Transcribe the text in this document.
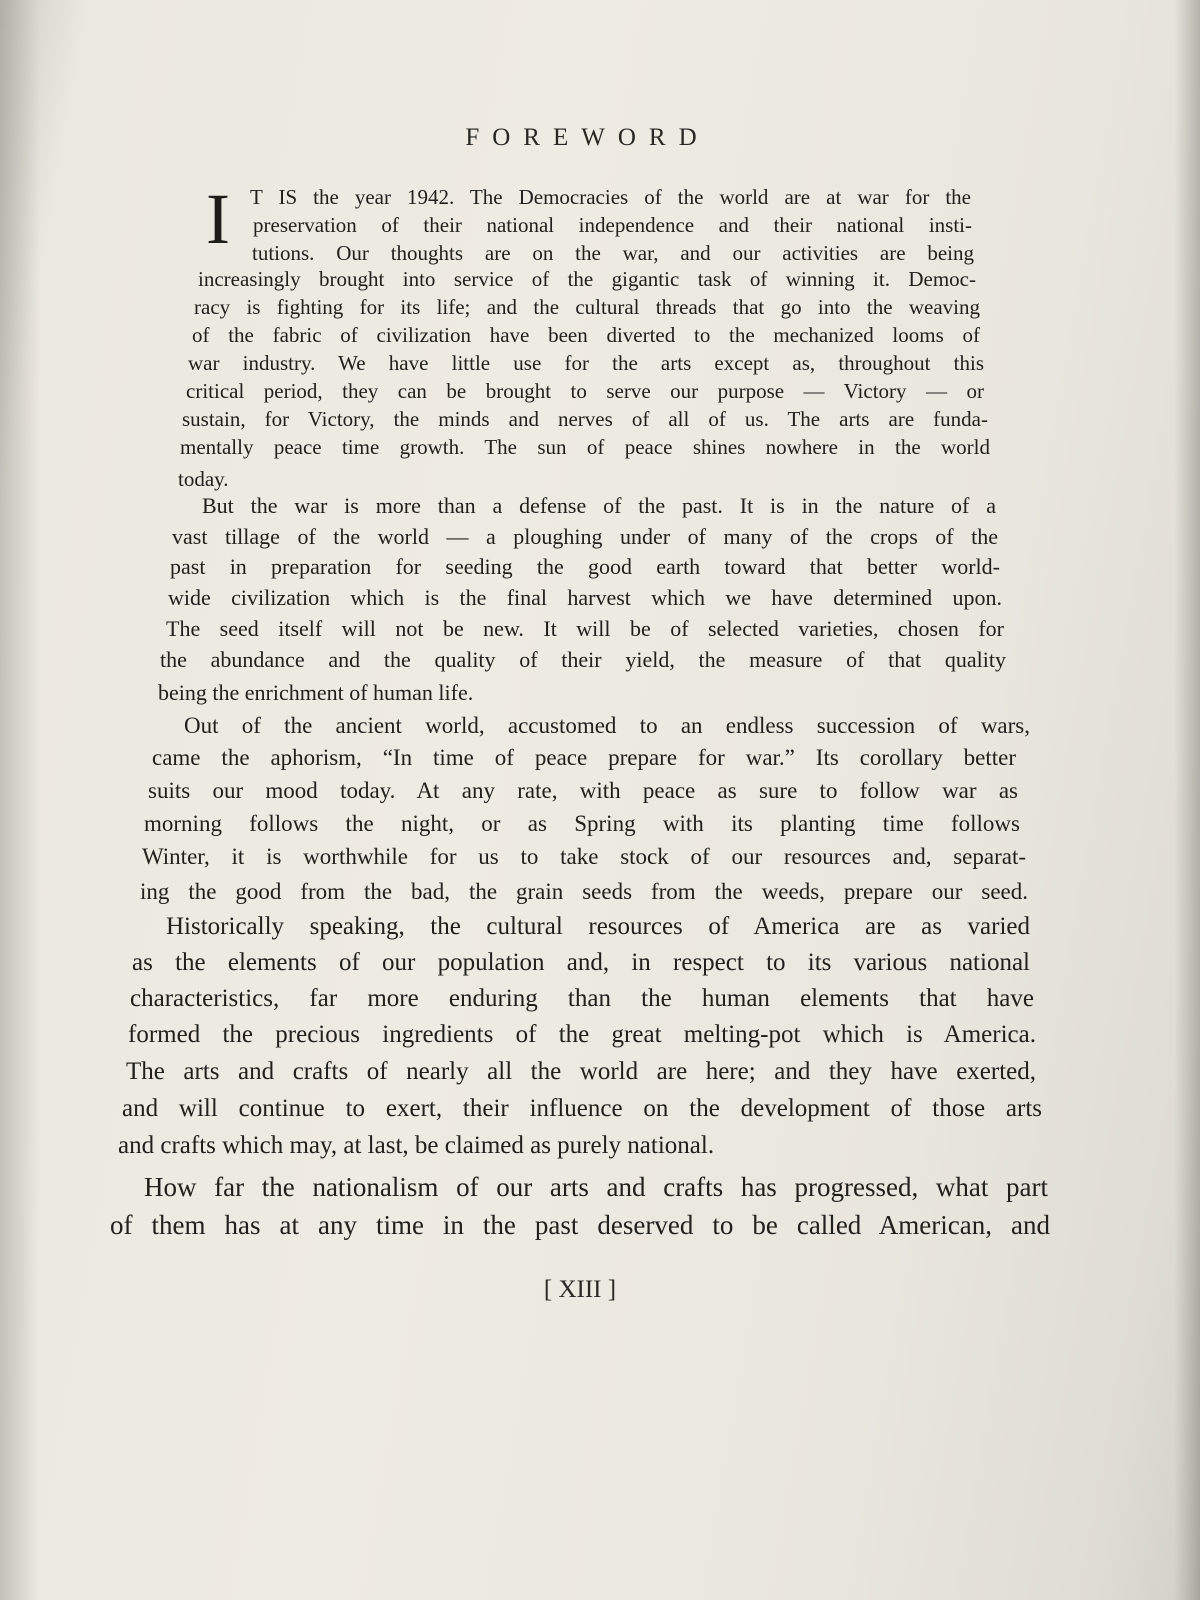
FOREWORD
I T IS the year 1942. The Democracies of the world are at war for the
preservation of their national independence and their national insti-
tutions. Our thoughts are on the war, and our activities are being
increasingly brought into service of the gigantic task of winning it. Democ-
racy is fighting for its life; and the cultural threads that go into the weaving
of the fabric of civilization have been diverted to the mechanized looms of
war industry. We have little use for the arts except as, throughout this
critical period, they can be brought to serve our purpose — Victory — or
sustain, for Victory, the minds and nerves of all of us. The arts are funda-
mentally peace time growth. The sun of peace shines nowhere in the world
today.
But the war is more than a defense of the past. It is in the nature of a
vast tillage of the world — a ploughing under of many of the crops of the
past in preparation for seeding the good earth toward that better world-
wide civilization which is the final harvest which we have determined upon.
The seed itself will not be new. It will be of selected varieties, chosen for
the abundance and the quality of their yield, the measure of that quality
being the enrichment of human life.
Out of the ancient world, accustomed to an endless succession of wars,
came the aphorism, “In time of peace prepare for war.” Its corollary better
suits our mood today. At any rate, with peace as sure to follow war as
morning follows the night, or as Spring with its planting time follows
Winter, it is worthwhile for us to take stock of our resources and, separat-
ing the good from the bad, the grain seeds from the weeds, prepare our seed.
Historically speaking, the cultural resources of America are as varied
as the elements of our population and, in respect to its various national
characteristics, far more enduring than the human elements that have
formed the precious ingredients of the great melting-pot which is America.
The arts and crafts of nearly all the world are here; and they have exerted,
and will continue to exert, their influence on the development of those arts
and crafts which may, at last, be claimed as purely national.
How far the nationalism of our arts and crafts has progressed, what part
of them has at any time in the past deserved to be called American, and
[ XIII ]
